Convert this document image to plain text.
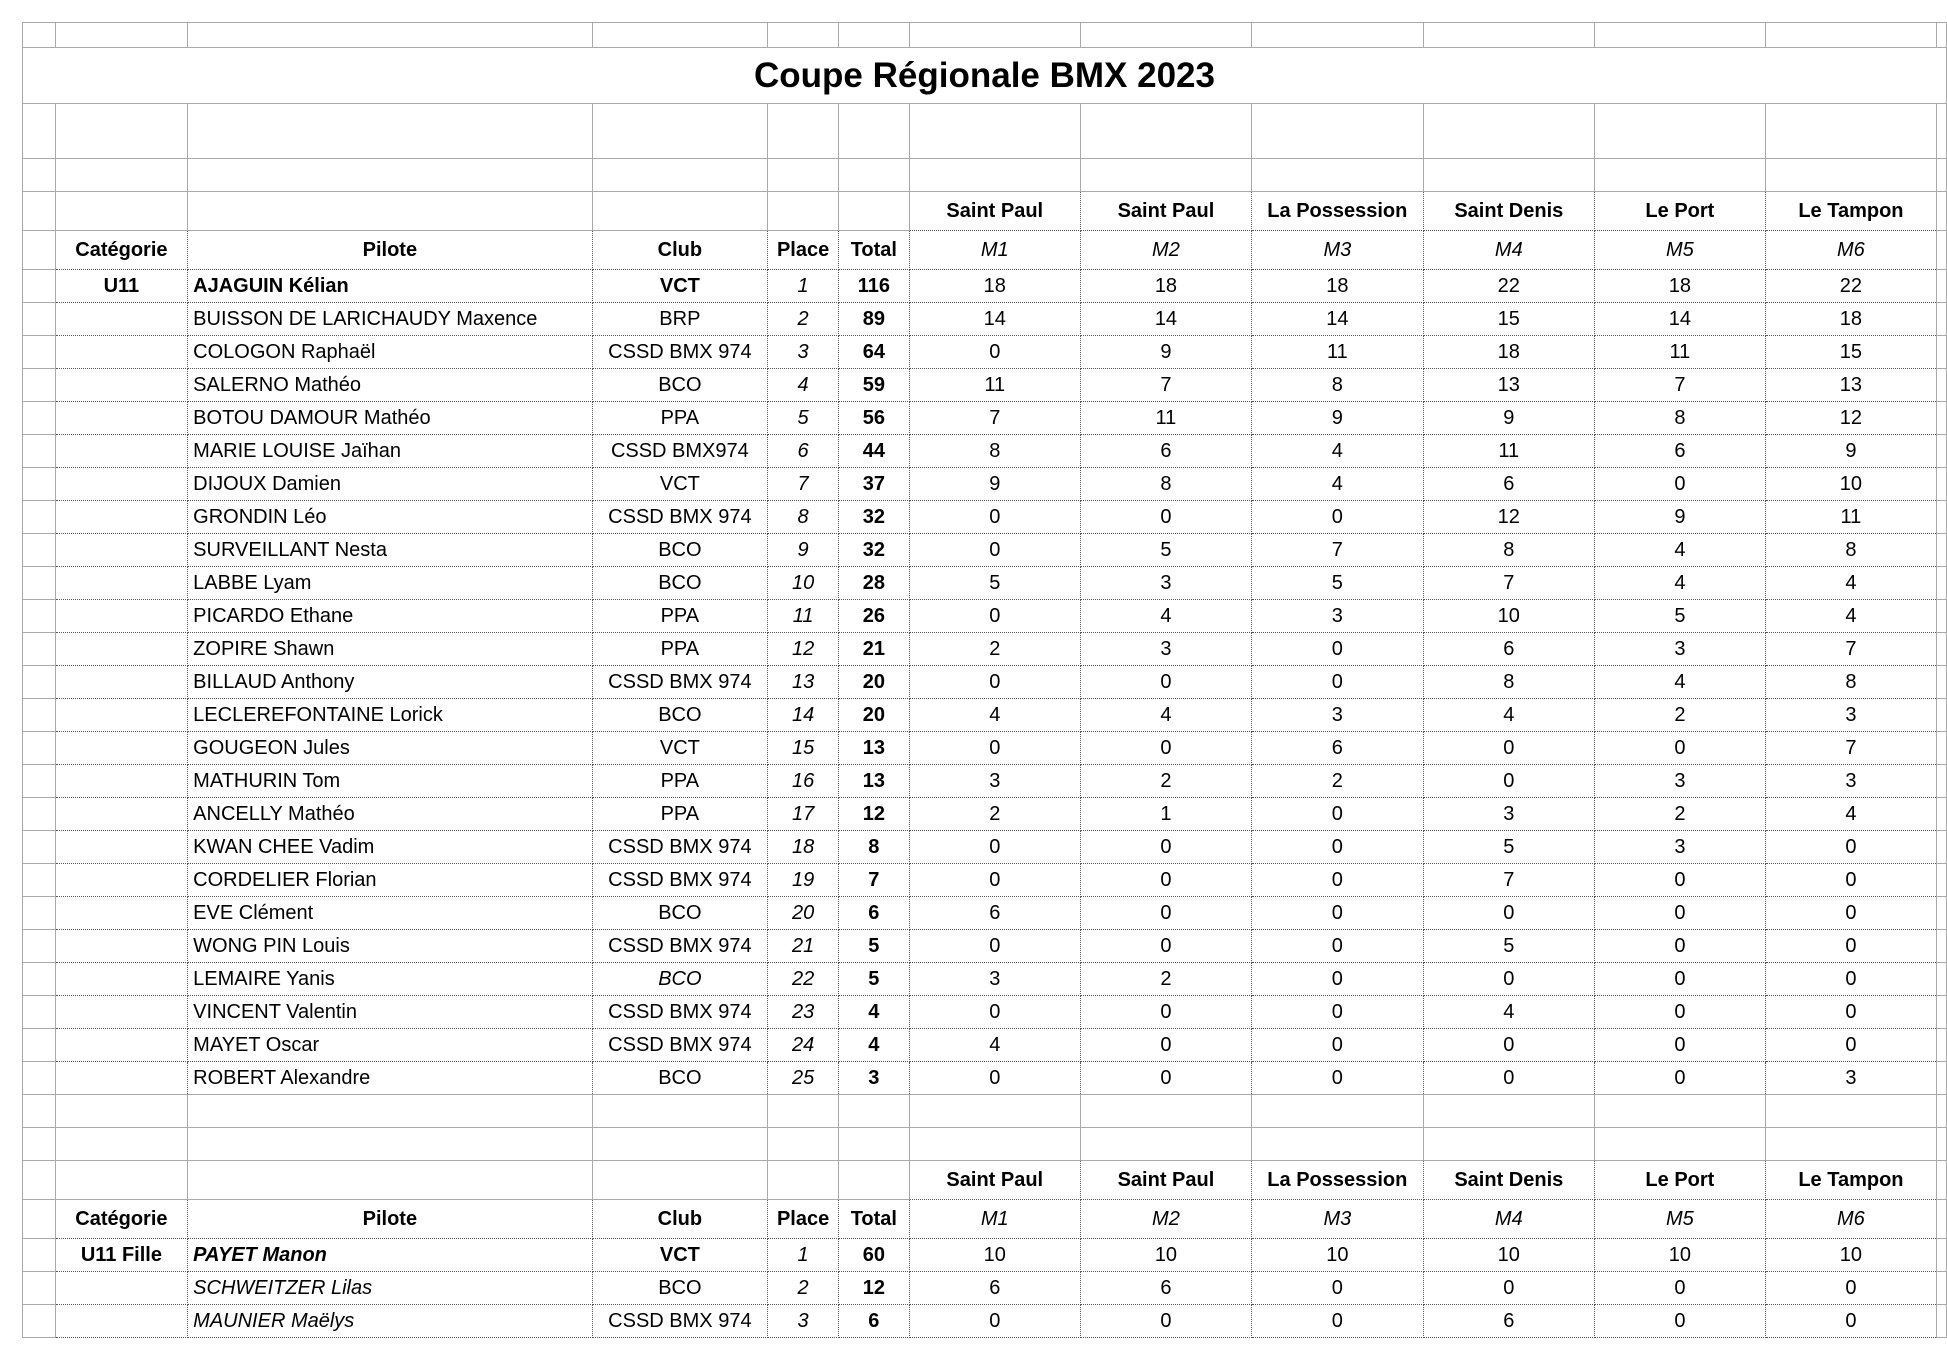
Coupe Régionale BMX 2023												

						Saint Paul	Saint Paul	La Possession	Saint Denis	Le Port	Le Tampon	
	Catégorie	Pilote	Club	Place	Total	M1	M2	M3	M4	M5	M6	
	U11	AJAGUIN Kélian	VCT	1	116	18	18	18	22	18	22	
		BUISSON DE LARICHAUDY Maxence	BRP	2	89	14	14	14	15	14	18	
		COLOGON Raphaël	CSSD BMX 974	3	64	0	9	11	18	11	15	
		SALERNO Mathéo	BCO	4	59	11	7	8	13	7	13	
		BOTOU DAMOUR Mathéo	PPA	5	56	7	11	9	9	8	12	
		MARIE LOUISE Jaïhan	CSSD BMX974	6	44	8	6	4	11	6	9	
		DIJOUX Damien	VCT	7	37	9	8	4	6	0	10	
		GRONDIN Léo	CSSD BMX 974	8	32	0	0	0	12	9	11	
		SURVEILLANT Nesta	BCO	9	32	0	5	7	8	4	8	
		LABBE Lyam	BCO	10	28	5	3	5	7	4	4	
		PICARDO Ethane	PPA	11	26	0	4	3	10	5	4	
		ZOPIRE Shawn	PPA	12	21	2	3	0	6	3	7	
		BILLAUD Anthony	CSSD BMX 974	13	20	0	0	0	8	4	8	
		LECLEREFONTAINE Lorick	BCO	14	20	4	4	3	4	2	3	
		GOUGEON Jules	VCT	15	13	0	0	6	0	0	7	
		MATHURIN Tom	PPA	16	13	3	2	2	0	3	3	
		ANCELLY Mathéo	PPA	17	12	2	1	0	3	2	4	
		KWAN CHEE Vadim	CSSD BMX 974	18	8	0	0	0	5	3	0	
		CORDELIER Florian	CSSD BMX 974	19	7	0	0	0	7	0	0	
		EVE Clément	BCO	20	6	6	0	0	0	0	0	
		WONG PIN Louis	CSSD BMX 974	21	5	0	0	0	5	0	0	
		LEMAIRE Yanis	BCO	22	5	3	2	0	0	0	0	
		VINCENT Valentin	CSSD BMX 974	23	4	0	0	0	4	0	0	
		MAYET Oscar	CSSD BMX 974	24	4	4	0	0	0	0	0	
		ROBERT Alexandre	BCO	25	3	0	0	0	0	0	3	

						Saint Paul	Saint Paul	La Possession	Saint Denis	Le Port	Le Tampon	
	Catégorie	Pilote	Club	Place	Total	M1	M2	M3	M4	M5	M6	
	U11 Fille	PAYET Manon	VCT	1	60	10	10	10	10	10	10	
		SCHWEITZER Lilas	BCO	2	12	6	6	0	0	0	0	
		MAUNIER Maëlys	CSSD BMX 974	3	6	0	0	0	6	0	0	
